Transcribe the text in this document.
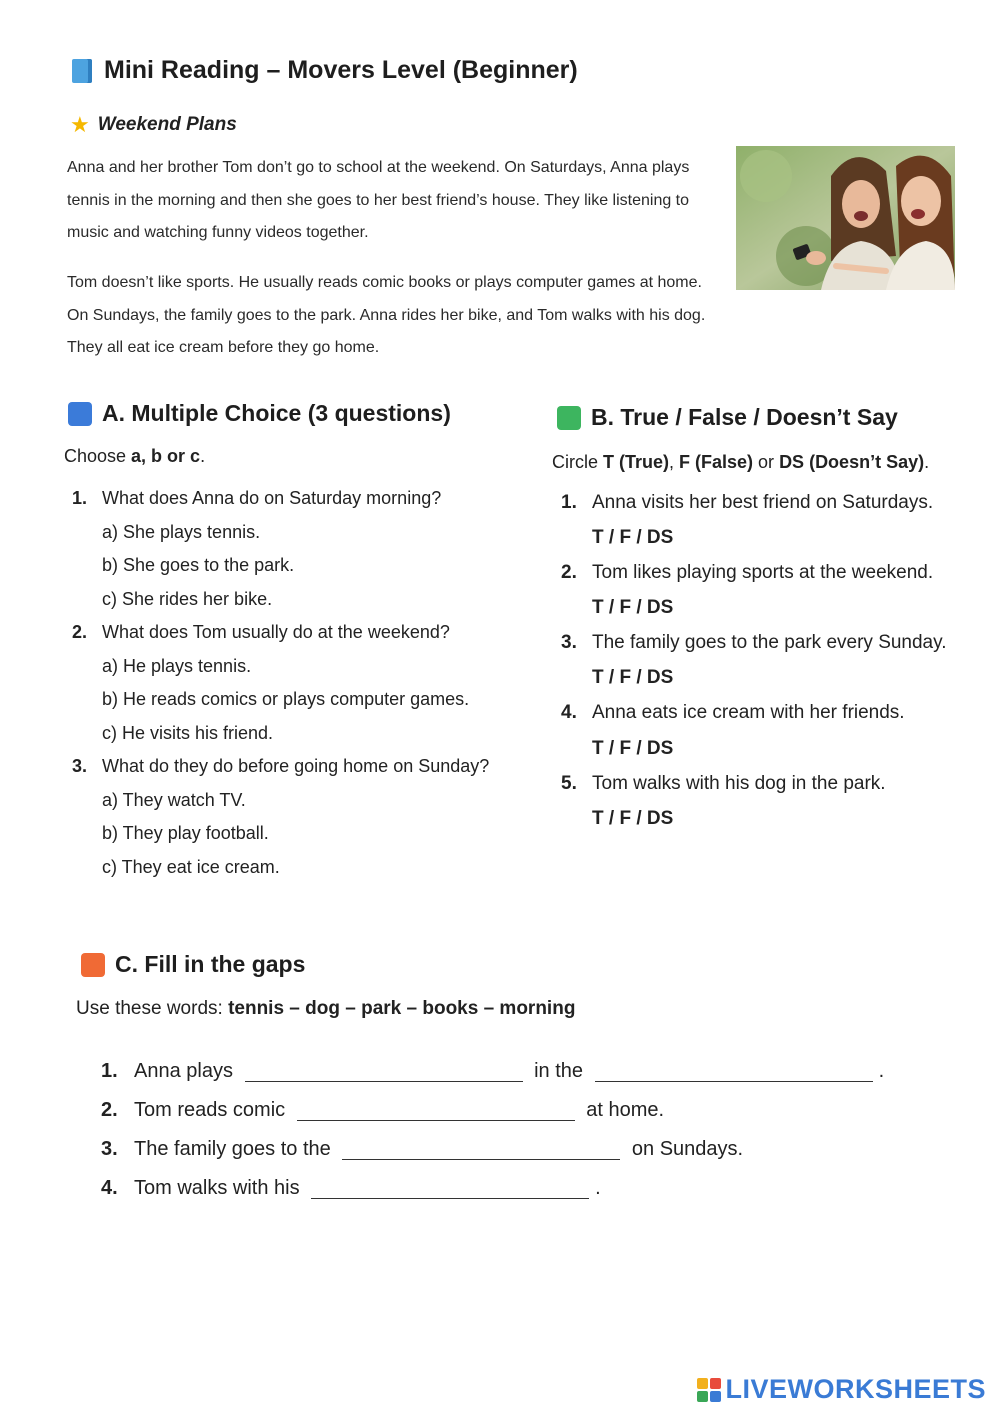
Mini Reading – Movers Level (Beginner)
★ Weekend Plans
Anna and her brother Tom don’t go to school at the weekend. On Saturdays, Anna plays
tennis in the morning and then she goes to her best friend’s house. They like listening to
music and watching funny videos together.
Tom doesn’t like sports. He usually reads comic books or plays computer games at home.
On Sundays, the family goes to the park. Anna rides her bike, and Tom walks with his dog.
They all eat ice cream before they go home.
A. Multiple Choice (3 questions)
Choose a, b or c.
1. What does Anna do on Saturday morning?
a) She plays tennis.
b) She goes to the park.
c) She rides her bike.
2. What does Tom usually do at the weekend?
a) He plays tennis.
b) He reads comics or plays computer games.
c) He visits his friend.
3. What do they do before going home on Sunday?
a) They watch TV.
b) They play football.
c) They eat ice cream.
B. True / False / Doesn’t Say
Circle T (True), F (False) or DS (Doesn’t Say).
1. Anna visits her best friend on Saturdays.
T / F / DS
2. Tom likes playing sports at the weekend.
T / F / DS
3. The family goes to the park every Sunday.
T / F / DS
4. Anna eats ice cream with her friends.
T / F / DS
5. Tom walks with his dog in the park.
T / F / DS
C. Fill in the gaps
Use these words: tennis – dog – park – books – morning
1. Anna plays	in the	.
2. Tom reads comic	at home.
3. The family goes to the	on Sundays.
4. Tom walks with his	.
LIVEWORKSHEETS
